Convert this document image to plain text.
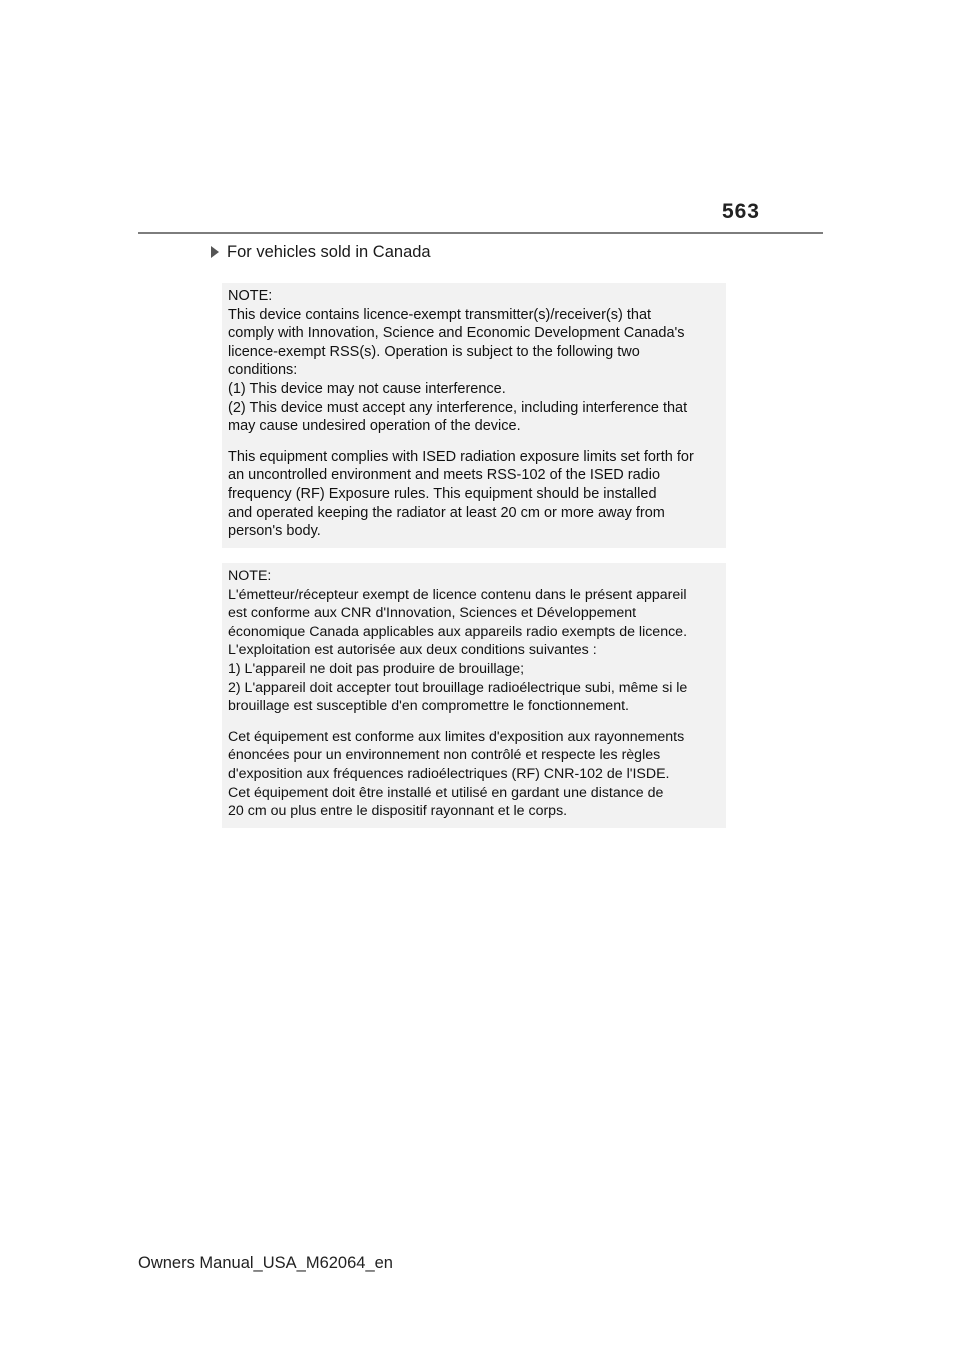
563
For vehicles sold in Canada

NOTE:
This device contains licence-exempt transmitter(s)/receiver(s) that
comply with Innovation, Science and Economic Development Canada's
licence-exempt RSS(s). Operation is subject to the following two
conditions:
(1) This device may not cause interference.
(2) This device must accept any interference, including interference that
may cause undesired operation of the device.

This equipment complies with ISED radiation exposure limits set forth for
an uncontrolled environment and meets RSS-102 of the ISED radio
frequency (RF) Exposure rules. This equipment should be installed
and operated keeping the radiator at least 20 cm or more away from
person's body.

NOTE:
L'émetteur/récepteur exempt de licence contenu dans le présent appareil
est conforme aux CNR d'Innovation, Sciences et Développement
économique Canada applicables aux appareils radio exempts de licence.
L'exploitation est autorisée aux deux conditions suivantes :
1) L'appareil ne doit pas produire de brouillage;
2) L'appareil doit accepter tout brouillage radioélectrique subi, même si le
brouillage est susceptible d'en compromettre le fonctionnement.

Cet équipement est conforme aux limites d'exposition aux rayonnements
énoncées pour un environnement non contrôlé et respecte les règles
d'exposition aux fréquences radioélectriques (RF) CNR-102 de l'ISDE.
Cet équipement doit être installé et utilisé en gardant une distance de
20 cm ou plus entre le dispositif rayonnant et le corps.

Owners Manual_USA_M62064_en
